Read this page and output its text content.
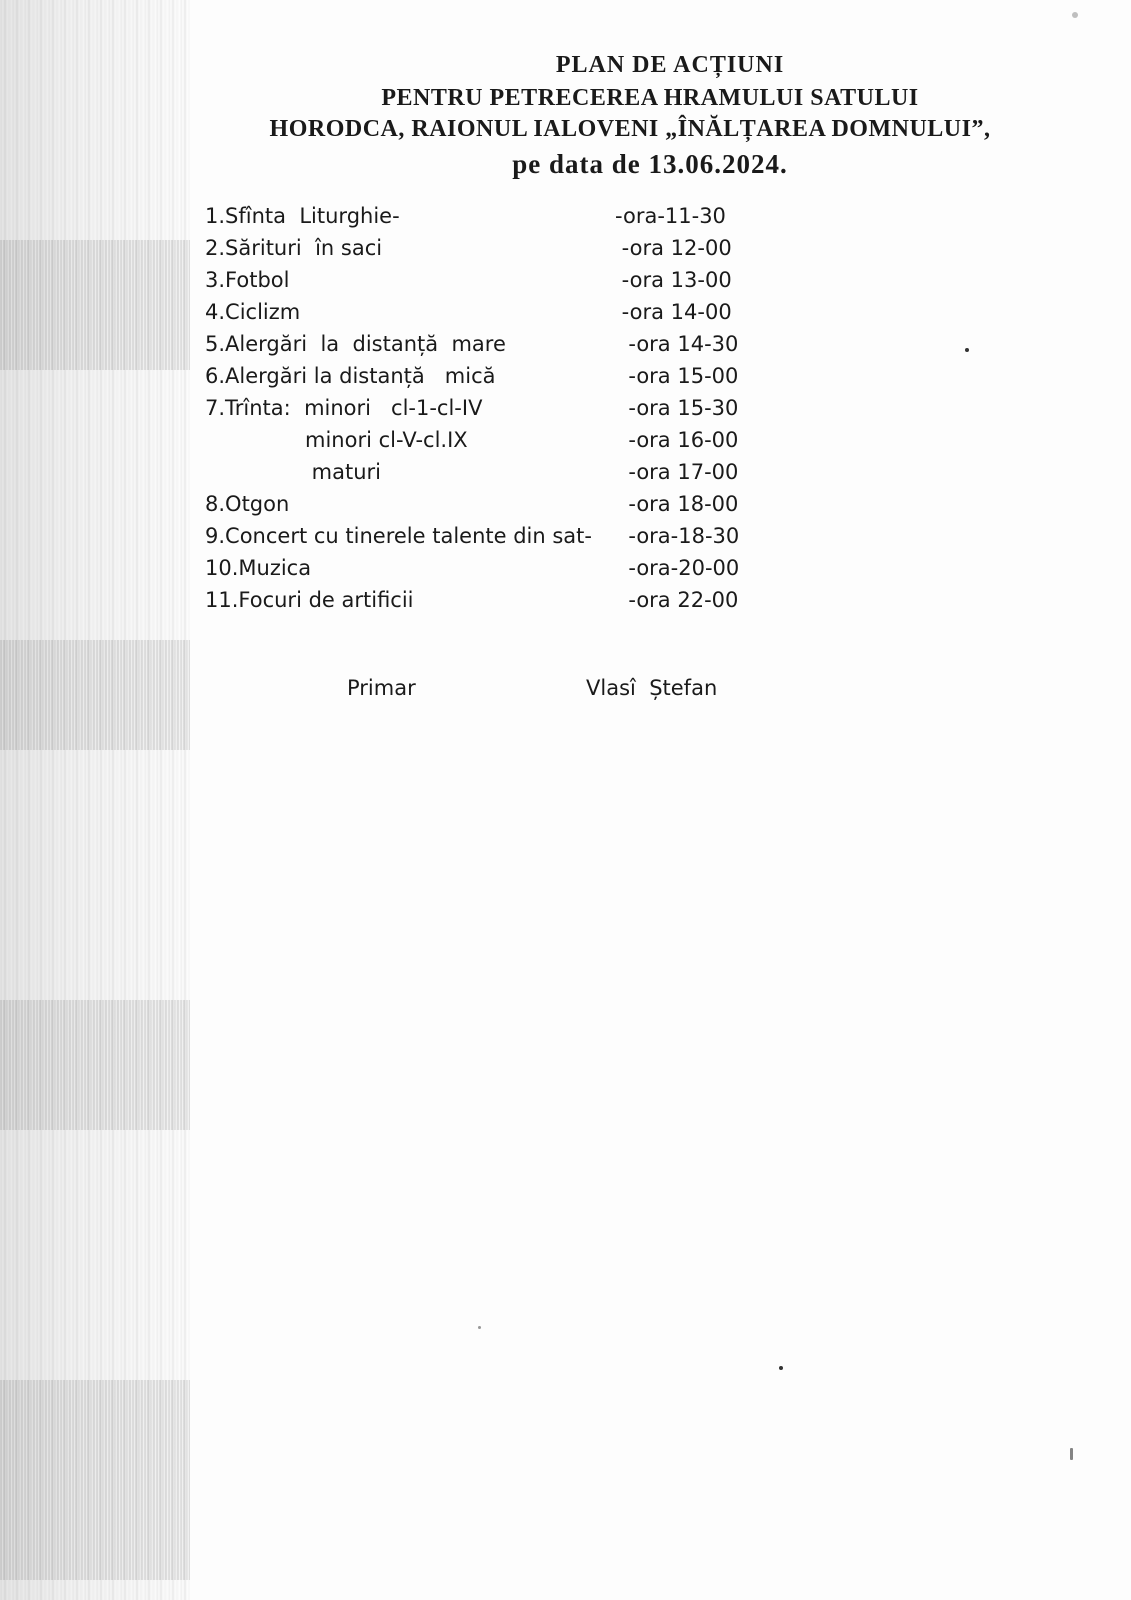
PLAN DE ACȚIUNI
PENTRU PETRECEREA HRAMULUI SATULUI
HORODCA, RAIONUL IALOVENI „ÎNĂLȚAREA DOMNULUI”,
pe data de 13.06.2024.
1.Sfînta  Liturghie-	-ora-11-30
2.Sărituri  în saci	-ora 12-00
3.Fotbol	-ora 13-00
4.Ciclizm	-ora 14-00
5.Alergări  la  distanță  mare	-ora 14-30
6.Alergări la distanță   mică	-ora 15-00
7.Trînta:  minori   cl-1-cl-IV	-ora 15-30
minori cl-V-cl.IX	-ora 16-00
maturi	-ora 17-00
8.Otgon	-ora 18-00
9.Concert cu tinerele talente din sat- -ora-18-30
10.Muzica	-ora-20-00
11.Focuri de artificii	-ora 22-00
Primar	Vlasî  Ștefan
